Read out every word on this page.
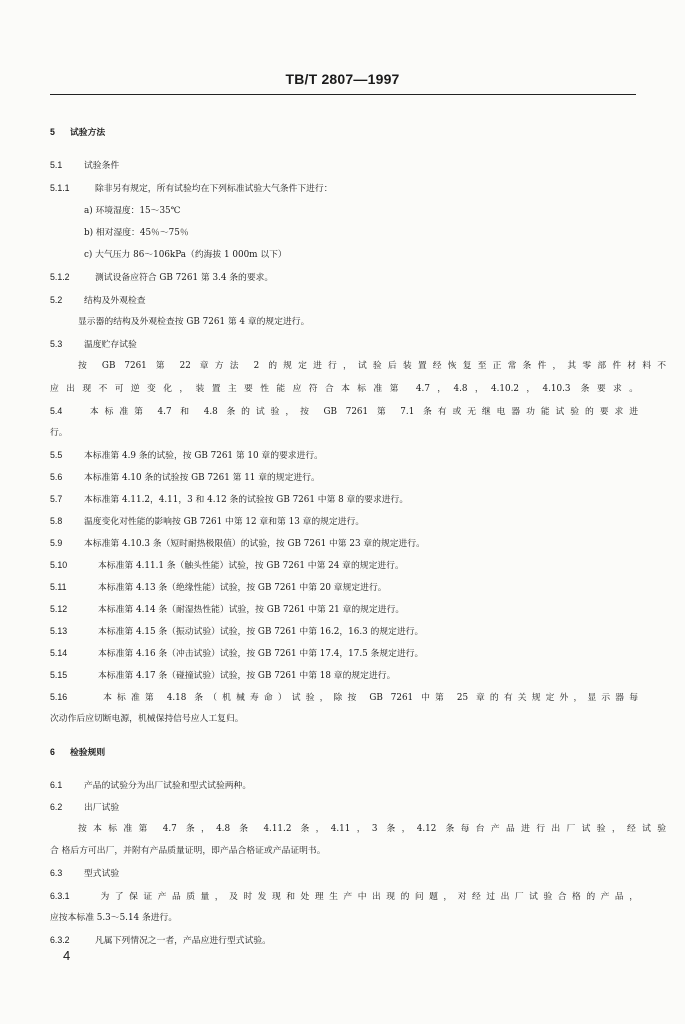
TB/T 2807—1997
5 试验方法
5.1 试验条件
5.1.1	除非另有规定，所有试验均在下列标准试验大气条件下进行：
a) 环境湿度：15～35℃
b) 相对湿度：45％～75％
c) 大气压力 86～106kPa（约海拔 1 000m 以下）
5.1.2	测试设备应符合 GB 7261 第 3.4 条的要求。
5.2 结构及外观检查
显示器的结构及外观检查按 GB 7261 第 4 章的规定进行。
5.3 温度贮存试验
按 GB 7261 第 22 章方法 2 的规定进行，试验后装置经恢复至正常条件，其零部件材料不
应出现不可逆变化，装置主要性能应符合本标准第 4.7，4.8，4.10.2，4.10.3 条要求。
5.4 本标准第 4.7 和 4.8 条的试验，按 GB 7261 第 7.1 条有或无继电器功能试验的要求进
行。
5.5 本标准第 4.9 条的试验，按 GB 7261 第 10 章的要求进行。
5.6 本标准第 4.10 条的试验按 GB 7261 第 11 章的规定进行。
5.7 本标准第 4.11.2，4.11，3 和 4.12 条的试验按 GB 7261 中第 8 章的要求进行。
5.8 温度变化对性能的影响按 GB 7261 中第 12 章和第 13 章的规定进行。
5.9 本标准第 4.10.3 条（短时耐热极限值）的试验，按 GB 7261 中第 23 章的规定进行。
5.10	本标准第 4.11.1 条（触头性能）试验，按 GB 7261 中第 24 章的规定进行。
5.11	本标准第 4.13 条（绝缘性能）试验，按 GB 7261 中第 20 章规定进行。
5.12	本标准第 4.14 条（耐湿热性能）试验，按 GB 7261 中第 21 章的规定进行。
5.13	本标准第 4.15 条（振动试验）试验，按 GB 7261 中第 16.2，16.3 的规定进行。
5.14	本标准第 4.16 条（冲击试验）试验，按 GB 7261 中第 17.4，17.5 条规定进行。
5.15	本标准第 4.17 条（碰撞试验）试验，按 GB 7261 中第 18 章的规定进行。
5.16	本标准第 4.18 条（机械寿命）试验，除按 GB 7261 中第 25 章的有关规定外，显示器每
次动作后应切断电源，机械保持信号应人工复归。
6 检验规则
6.1 产品的试验分为出厂试验和型式试验两种。
6.2 出厂试验
按本标准第 4.7 条，4.8 条 4.11.2 条，4.11，3 条，4.12 条每台产品进行出厂试验，经试验
合 格后方可出厂，并附有产品质量证明，即产品合格证或产品证明书。
6.3 型式试验
6.3.1	为了保证产品质量，及时发现和处理生产中出现的问题，对经过出厂试验合格的产品，
应按本标准 5.3～5.14 条进行。
6.3.2	凡属下列情况之一者，产品应进行型式试验。
4
